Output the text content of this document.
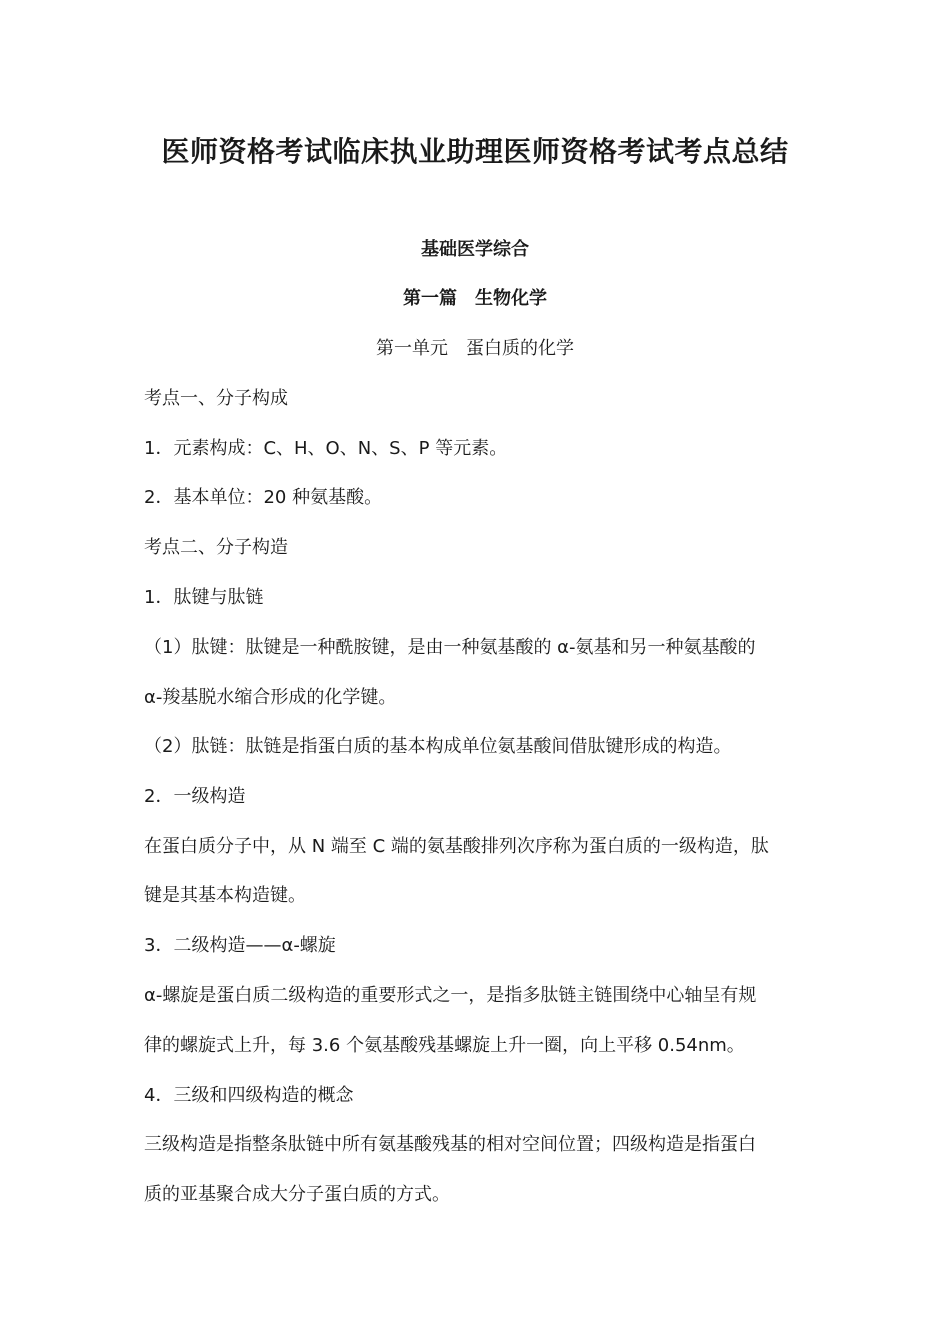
医师资格考试临床执业助理医师资格考试考点总结
基础医学综合
第一篇　生物化学
第一单元　蛋白质的化学
考点一、分子构成
1．元素构成：C、H、O、N、S、P 等元素。
2．基本单位：20 种氨基酸。
考点二、分子构造
1．肽键与肽链
（1）肽键：肽键是一种酰胺键，是由一种氨基酸的 α-氨基和另一种氨基酸的
α-羧基脱水缩合形成的化学键。
（2）肽链：肽链是指蛋白质的基本构成单位氨基酸间借肽键形成的构造。
2．一级构造
在蛋白质分子中，从 N 端至 C 端的氨基酸排列次序称为蛋白质的一级构造，肽
键是其基本构造键。
3．二级构造——α-螺旋
α-螺旋是蛋白质二级构造的重要形式之一，是指多肽链主链围绕中心轴呈有规
律的螺旋式上升，每 3.6 个氨基酸残基螺旋上升一圈，向上平移 0.54nm。
4．三级和四级构造的概念
三级构造是指整条肽链中所有氨基酸残基的相对空间位置；四级构造是指蛋白
质的亚基聚合成大分子蛋白质的方式。
